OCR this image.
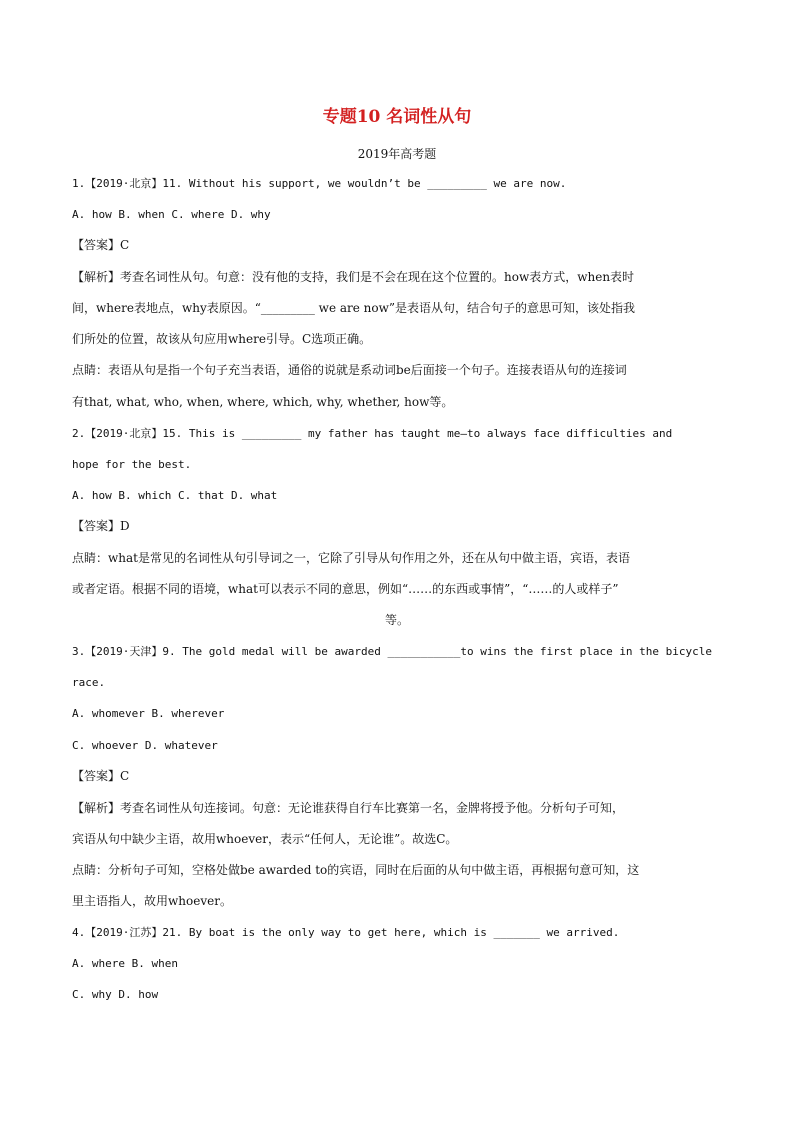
专题10 名词性从句
2019年高考题
1.【2019·北京】11. Without his support, we wouldn’t be _________ we are now.
A. how B. when C. where D. why
【答案】C
【解析】考查名词性从句。句意：没有他的支持，我们是不会在现在这个位置的。how表方式，when表时
间，where表地点，why表原因。“_________ we are now”是表语从句，结合句子的意思可知，该处指我
们所处的位置，故该从句应用where引导。C选项正确。
点睛：表语从句是指一个句子充当表语，通俗的说就是系动词be后面接一个句子。连接表语从句的连接词
有that, what, who, when, where, which, why, whether, how等。
2.【2019·北京】15. This is _________ my father has taught me—to always face difficulties and
hope for the best.
A. how B. which C. that D. what
【答案】D
点睛：what是常见的名词性从句引导词之一，它除了引导从句作用之外，还在从句中做主语，宾语，表语
或者定语。根据不同的语境，what可以表示不同的意思，例如“……的东西或事情”，“……的人或样子”
等。
3.【2019·天津】9. The gold medal will be awarded ___________to wins the first place in the bicycle
race.
A. whomever B. wherever
C. whoever D. whatever
【答案】C
【解析】考查名词性从句连接词。句意：无论谁获得自行车比赛第一名，金牌将授予他。分析句子可知，
宾语从句中缺少主语，故用whoever，表示“任何人，无论谁”。故选C。
点睛：分析句子可知，空格处做be awarded to的宾语，同时在后面的从句中做主语，再根据句意可知，这
里主语指人，故用whoever。
4.【2019·江苏】21. By boat is the only way to get here, which is _______ we arrived.
A. where B. when
C. why D. how
